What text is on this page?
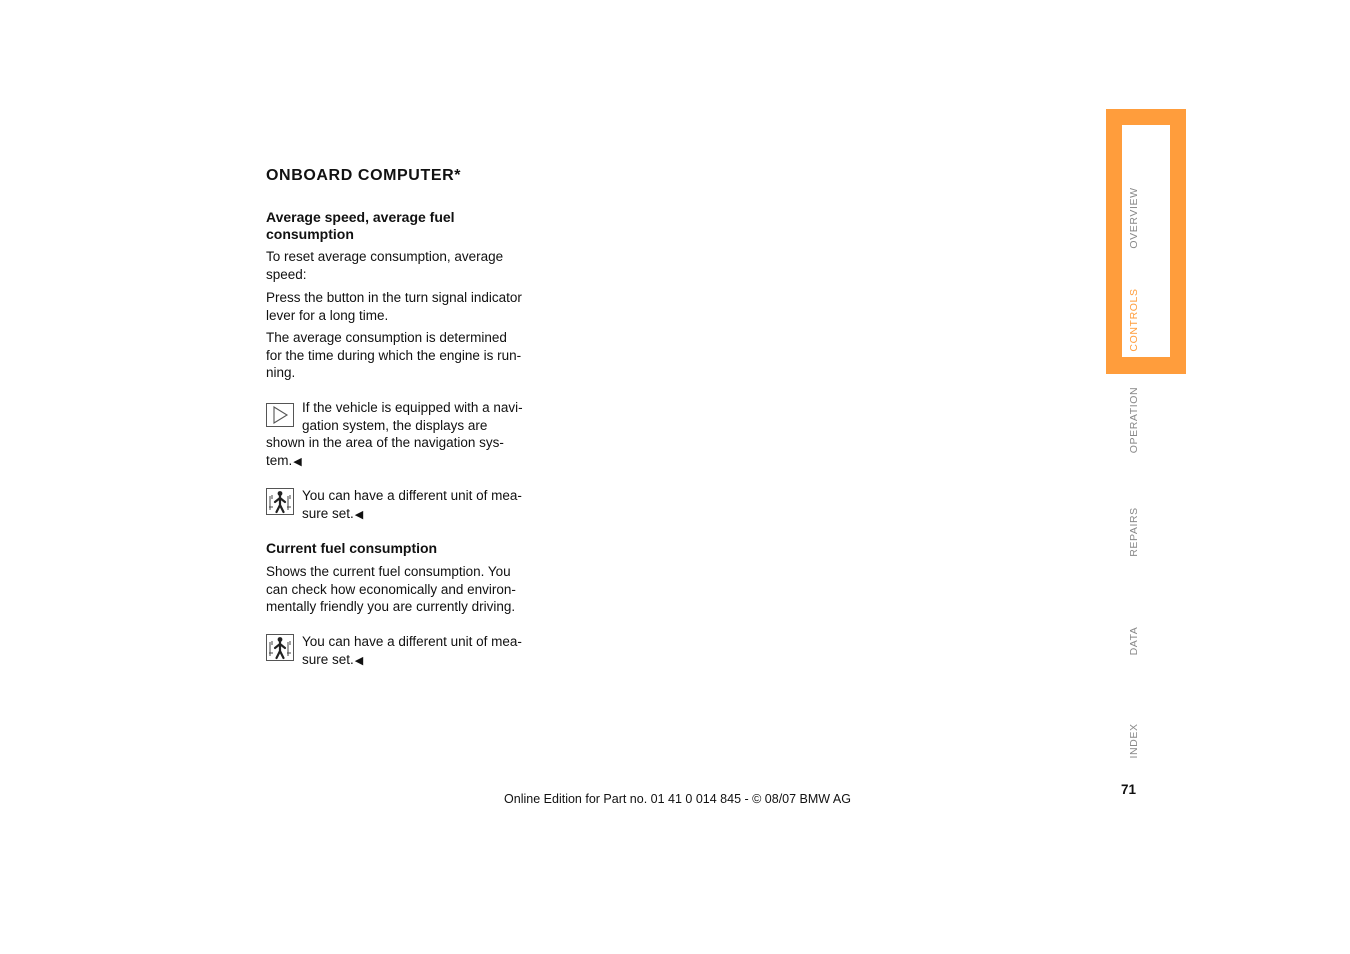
ONBOARD COMPUTER*
Average speed, average fuel
consumption
To reset average consumption, average
speed:
Press the button in the turn signal indicator
lever for a long time.
The average consumption is determined
for the time during which the engine is run-
ning.
If the vehicle is equipped with a navi-
gation system, the displays are
shown in the area of the navigation sys-
tem.◀
You can have a different unit of mea-
sure set.◀
Current fuel consumption
Shows the current fuel consumption. You
can check how economically and environ-
mentally friendly you are currently driving.
You can have a different unit of mea-
sure set.◀
OVERVIEW
CONTROLS
OPERATION
REPAIRS
DATA
INDEX
71
Online Edition for Part no. 01 41 0 014 845 - © 08/07 BMW AG
